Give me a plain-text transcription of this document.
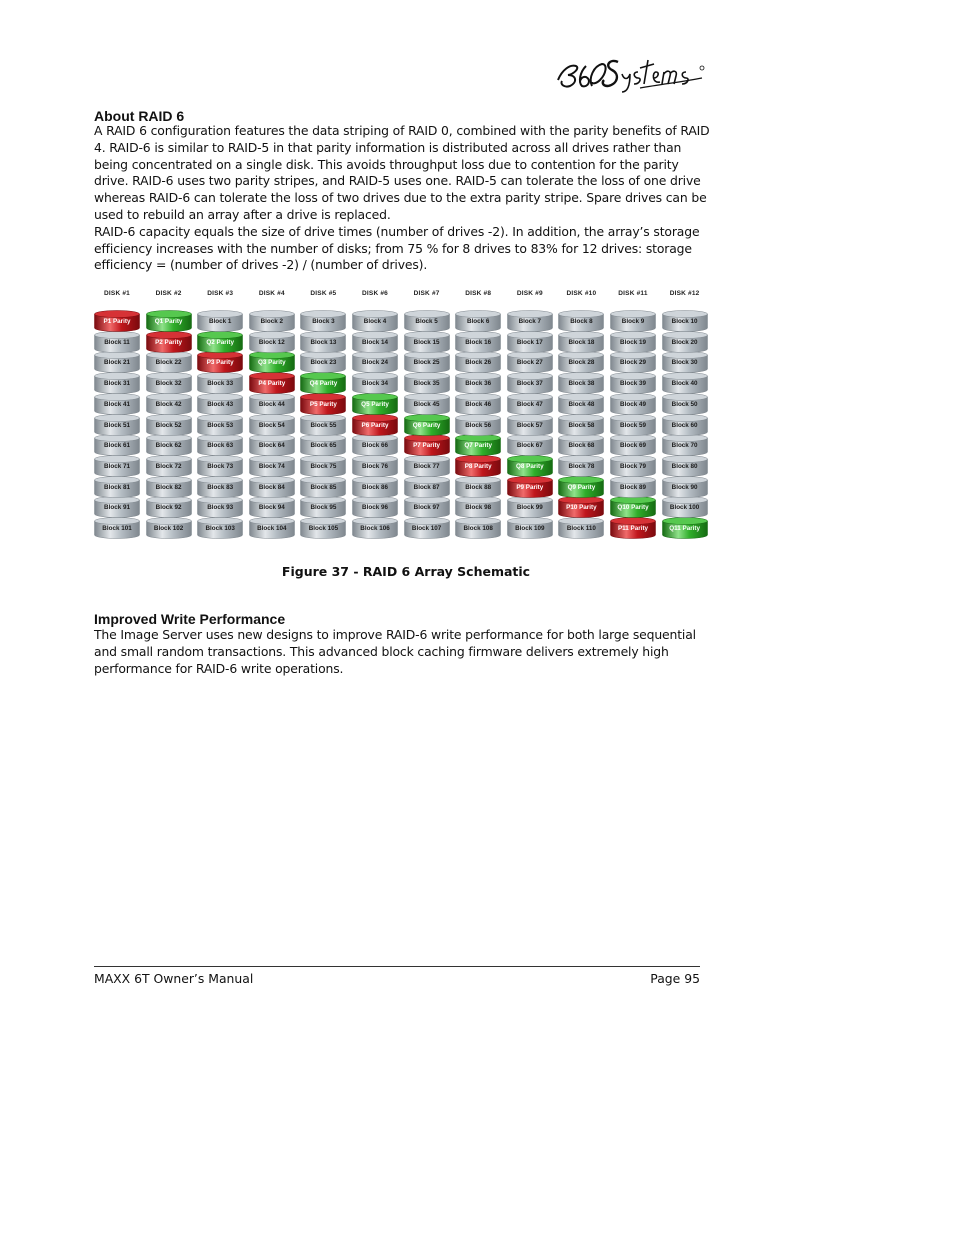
About RAID 6

A RAID 6 configuration features the data striping of RAID 0, combined with the parity benefits of RAID 4. RAID-6 is similar to RAID-5 in that parity information is distributed across all drives rather than being concentrated on a single disk. This avoids throughput loss due to contention for the parity drive. RAID-6 uses two parity stripes, and RAID-5 uses one. RAID-5 can tolerate the loss of one drive whereas RAID-6 can tolerate the loss of two drives due to the extra parity stripe. Spare drives can be used to rebuild an array after a drive is replaced.

RAID-6 capacity equals the size of drive times (number of drives -2). In addition, the array’s storage efficiency increases with the number of disks; from 75 % for 8 drives to 83% for 12 drives: storage efficiency = (number of drives -2) / (number of drives).

DISK #1
P1 Parity
Block 11
Block 21
Block 31
Block 41
Block 51
Block 61
Block 71
Block 81
Block 91
Block 101
DISK #2
Q1 Parity
P2 Parity
Block 22
Block 32
Block 42
Block 52
Block 62
Block 72
Block 82
Block 92
Block 102
DISK #3
Block 1
Q2 Parity
P3 Parity
Block 33
Block 43
Block 53
Block 63
Block 73
Block 83
Block 93
Block 103
DISK #4
Block 2
Block 12
Q3 Parity
P4 Parity
Block 44
Block 54
Block 64
Block 74
Block 84
Block 94
Block 104
DISK #5
Block 3
Block 13
Block 23
Q4 Parity
P5 Parity
Block 55
Block 65
Block 75
Block 85
Block 95
Block 105
DISK #6
Block 4
Block 14
Block 24
Block 34
Q5 Parity
P6 Parity
Block 66
Block 76
Block 86
Block 96
Block 106
DISK #7
Block 5
Block 15
Block 25
Block 35
Block 45
Q6 Parity
P7 Parity
Block 77
Block 87
Block 97
Block 107
DISK #8
Block 6
Block 16
Block 26
Block 36
Block 46
Block 56
Q7 Parity
P8 Parity
Block 88
Block 98
Block 108
DISK #9
Block 7
Block 17
Block 27
Block 37
Block 47
Block 57
Block 67
Q8 Parity
P9 Parity
Block 99
Block 109
DISK #10
Block 8
Block 18
Block 28
Block 38
Block 48
Block 58
Block 68
Block 78
Q9 Parity
P10 Parity
Block 110
DISK #11
Block 9
Block 19
Block 29
Block 39
Block 49
Block 59
Block 69
Block 79
Block 89
Q10 Parity
P11 Parity
DISK #12
Block 10
Block 20
Block 30
Block 40
Block 50
Block 60
Block 70
Block 80
Block 90
Block 100
Q11 Parity

Figure 37 - RAID 6 Array Schematic

Improved Write Performance

The Image Server uses new designs to improve RAID-6 write performance for both large sequential and small random transactions. This advanced block caching firmware delivers extremely high performance for RAID-6 write operations.

MAXX 6T Owner’s Manual	Page 95
